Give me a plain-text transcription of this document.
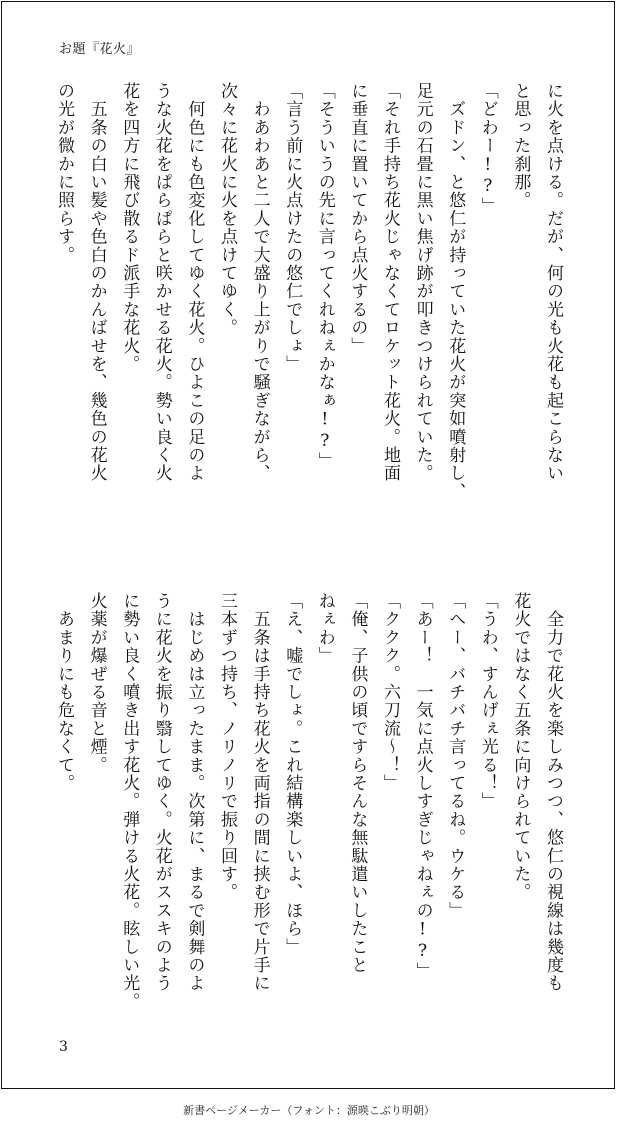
お題『花火』

に火を点ける。だが、何の光も火花も起こらない

と思った刹那。

「どわー!?」

　ズドン、と悠仁が持っていた花火が突如噴射し、

足元の石畳に黒い焦げ跡が叩きつけられていた。

「それ手持ち花火じゃなくてロケット花火。地面

に垂直に置いてから点火するの」

「そういうの先に言ってくれねぇかなぁ!?」

「言う前に火点けたの悠仁でしょ」

　わあわあと二人で大盛り上がりで騒ぎながら、

次々に花火に火を点けてゆく。

　何色にも色変化してゆく花火。ひよこの足のよ

うな火花をぱらぱらと咲かせる花火。勢い良く火

花を四方に飛び散るド派手な花火。

　五条の白い髪や色白のかんばせを、幾色の花火

の光が微かに照らす。

　全力で花火を楽しみつつ、悠仁の視線は幾度も

花火ではなく五条に向けられていた。

「うわ、すんげぇ光る！」

「へー、バチバチ言ってるね。ウケる」

「あー！　一気に点火しすぎじゃねぇの!?」

「ククク。六刀流〜！」

「俺、子供の頃ですらそんな無駄遣いしたこと

ねぇわ」

「え、嘘でしょ。これ結構楽しいよ、ほら」

　五条は手持ち花火を両指の間に挟む形で片手に

三本ずつ持ち、ノリノリで振り回す。

　はじめは立ったまま。次第に、まるで剣舞のよ

うに花火を振り翳してゆく。火花がススキのよう

に勢い良く噴き出す花火。弾ける火花。眩しい光。

火薬が爆ぜる音と煙。

　あまりにも危なくて。

3
新書ページメーカー（フォント：源暎こぶり明朝）
